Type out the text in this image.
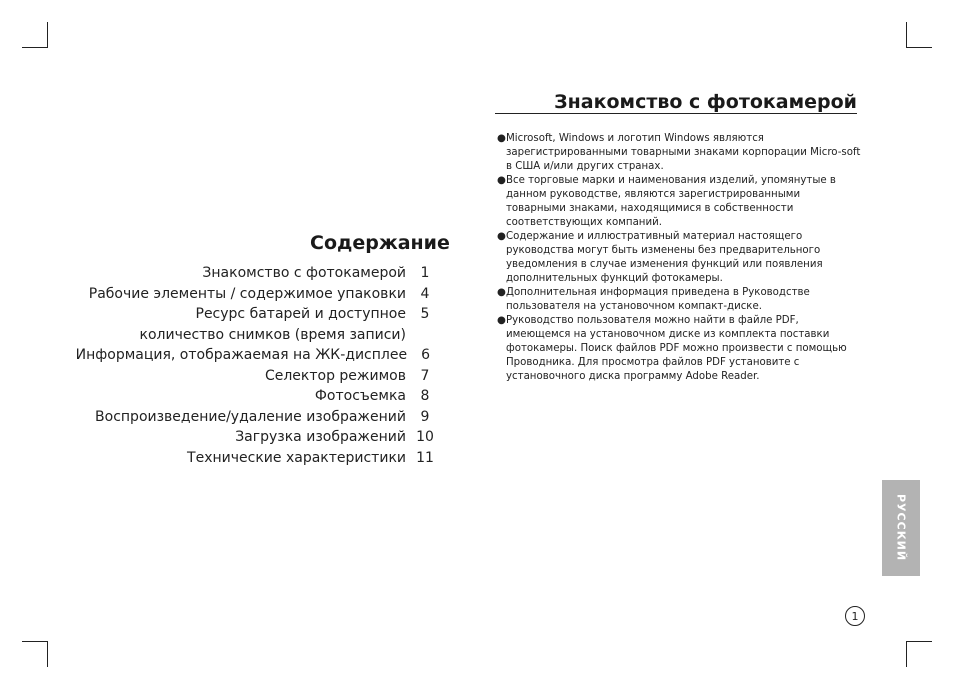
Содержание
Знакомство с фотокамерой	1
Рабочие элементы / содержимое упаковки	4
Ресурс батарей и доступное количество снимков (время записи)
5
Информация, отображаемая на ЖК-дисплее	6
Селектор режимов	7
Фотосъемка	8
Воспроизведение/удаление изображений	9
Загрузка изображений 10
Технические характеристики 11
Знакомство с фотокамерой
● Microsoft, Windows и логотип Windows являются зарегистрированными товарными знаками корпорации Micro-soft в США и/или других странах.
● Все торговые марки и наименования изделий, упомянутые в данном руководстве, являются зарегистрированными товарными знаками, находящимися в собственности соответствующих компаний.
● Содержание и иллюстративный материал настоящего руководства могут быть изменены без предварительного уведомления в случае изменения функций или появления дополнительных функций фотокамеры.
● Дополнительная информация приведена в Руководстве пользователя на установочном компакт-диске.
● Руководство пользователя можно найти в файле PDF, имеющемся на установочном диске из комплекта поставки фотокамеры. Поиск файлов PDF можно произвести с помощью Проводника. Для просмотра файлов PDF установите с установочного диска программу Adobe Reader.
РУССКИЙ
1
